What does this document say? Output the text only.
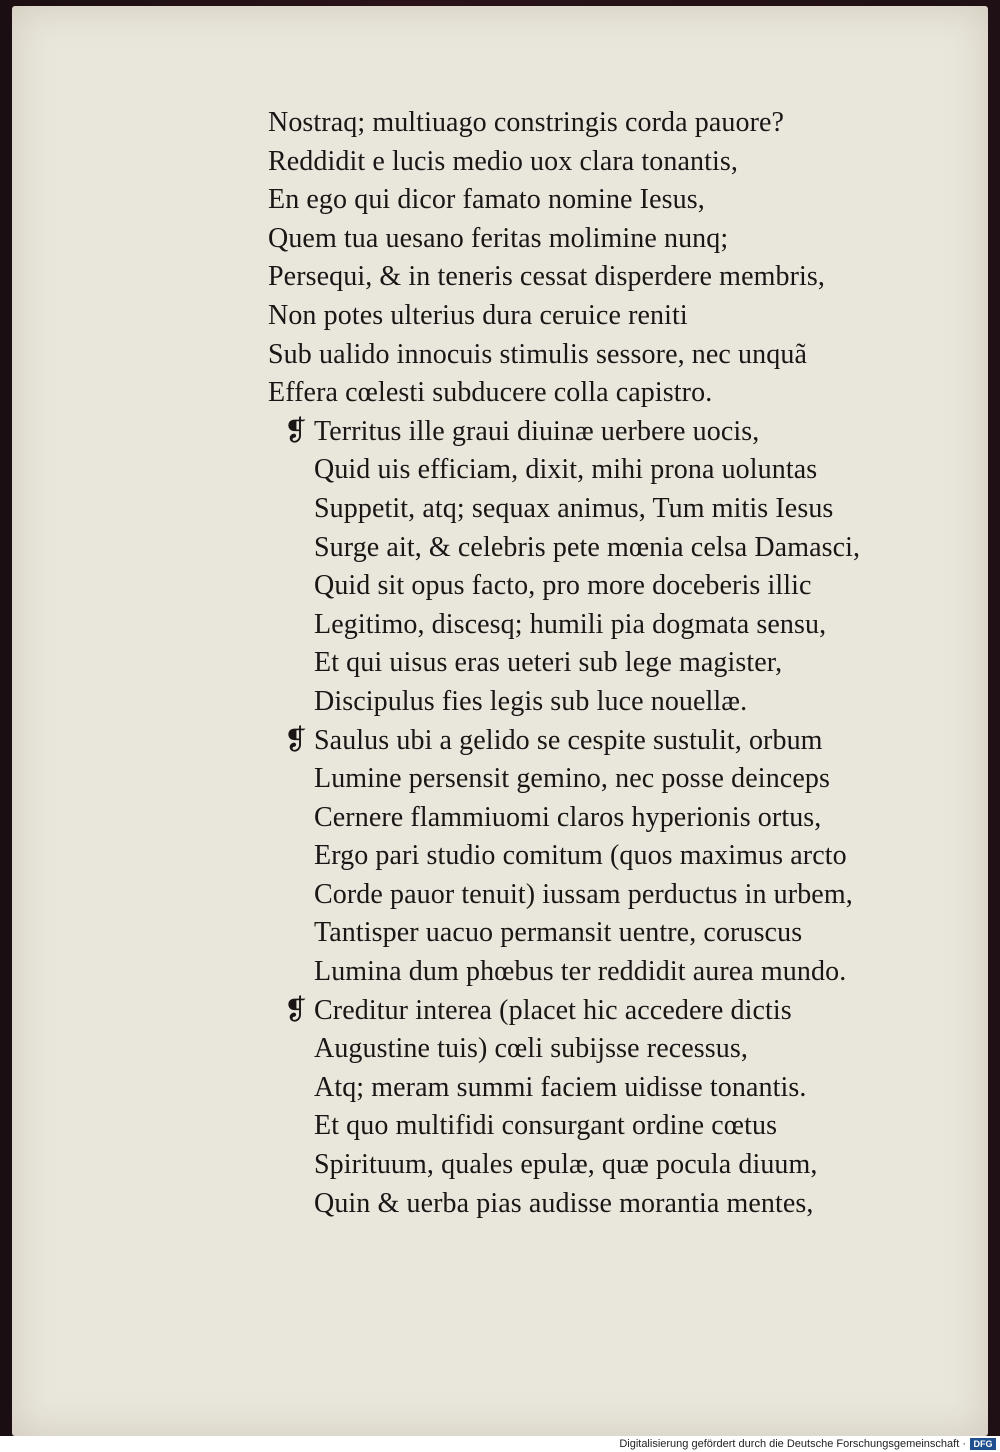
Nostraq; multiuago constringis corda pauore?
Reddidit e lucis medio uox clara tonantis,
En ego qui dicor famato nomine Iesus,
Quem tua uesano feritas molimine nunq;
Persequi, & in teneris cessat disperdere membris,
Non potes ulterius dura ceruice reniti
Sub ualido innocuis stimulis sessore, nec unquã
Effera cœlesti subducere colla capistro.
❡ Territus ille graui diuinæ uerbere uocis,
Quid uis efficiam, dixit, mihi prona uoluntas
Suppetit, atq; sequax animus, Tum mitis Iesus
Surge ait, & celebris pete mœnia celsa Damasci,
Quid sit opus facto, pro more doceberis illic
Legitimo, discesq; humili pia dogmata sensu,
Et qui uisus eras ueteri sub lege magister,
Discipulus fies legis sub luce nouellæ.
❡ Saulus ubi a gelido se cespite sustulit, orbum
Lumine persensit gemino, nec posse deinceps
Cernere flammiuomi claros hyperionis ortus,
Ergo pari studio comitum (quos maximus arcto
Corde pauor tenuit) iussam perductus in urbem,
Tantisper uacuo permansit uentre, coruscus
Lumina dum phœbus ter reddidit aurea mundo.
❡ Creditur interea (placet hic accedere dictis
Augustine tuis) cœli subijsse recessus,
Atq; meram summi faciem uidisse tonantis.
Et quo multifidi consurgant ordine cœtus
Spirituum, quales epulæ, quæ pocula diuum,
Quin & uerba pias audisse morantia mentes,
Digitalisierung gefördert durch die Deutsche Forschungsgemeinschaft · DFG
